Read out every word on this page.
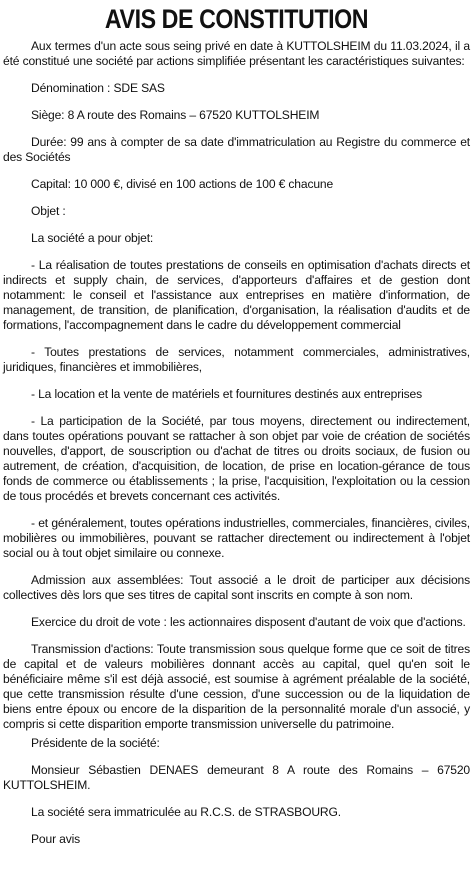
AVIS DE CONSTITUTION

Aux termes d'un acte sous seing privé en date à KUTTOLSHEIM du 11.03.2024, il a été constitué une société par actions simplifiée présentant les caractéristiques suivantes:

Dénomination : SDE SAS

Siège: 8 A route des Romains – 67520 KUTTOLSHEIM

Durée: 99 ans à compter de sa date d'immatriculation au Registre du commerce et des Sociétés

Capital: 10 000 €, divisé en 100 actions de 100 € chacune

Objet :

La société a pour objet:

- La réalisation de toutes prestations de conseils en optimisation d'achats directs et indirects et supply chain, de services, d'apporteurs d'affaires et de gestion dont notamment: le conseil et l'assistance aux entreprises en matière d'information, de management, de transition, de planification, d'organisation, la réalisation d'audits et de formations, l'accompagnement dans le cadre du développement commercial

- Toutes prestations de services, notamment commerciales, administratives, juridiques, financières et immobilières,

- La location et la vente de matériels et fournitures destinés aux entreprises

- La participation de la Société, par tous moyens, directement ou indirectement, dans toutes opérations pouvant se rattacher à son objet par voie de création de sociétés nouvelles, d'apport, de souscription ou d'achat de titres ou droits sociaux, de fusion ou autrement, de création, d'acquisition, de location, de prise en location-gérance de tous fonds de commerce ou établissements ; la prise, l'acquisition, l'exploitation ou la cession de tous procédés et brevets concernant ces activités.

- et généralement, toutes opérations industrielles, commerciales, financières, civiles, mobilières ou immobilières, pouvant se rattacher directement ou indirectement à l'objet social ou à tout objet similaire ou connexe.

Admission aux assemblées: Tout associé a le droit de participer aux décisions collectives dès lors que ses titres de capital sont inscrits en compte à son nom.

Exercice du droit de vote : les actionnaires disposent d'autant de voix que d'actions.

Transmission d'actions: Toute transmission sous quelque forme que ce soit de titres de capital et de valeurs mobilières donnant accès au capital, quel qu'en soit le bénéficiaire même s'il est déjà associé, est soumise à agrément préalable de la société, que cette transmission résulte d'une cession, d'une succession ou de la liquidation de biens entre époux ou encore de la disparition de la personnalité morale d'un associé, y compris si cette disparition emporte transmission universelle du patrimoine.

Présidente de la société:

Monsieur Sébastien DENAES demeurant 8 A route des Romains – 67520 KUTTOLSHEIM.

La société sera immatriculée au R.C.S. de STRASBOURG.

Pour avis
